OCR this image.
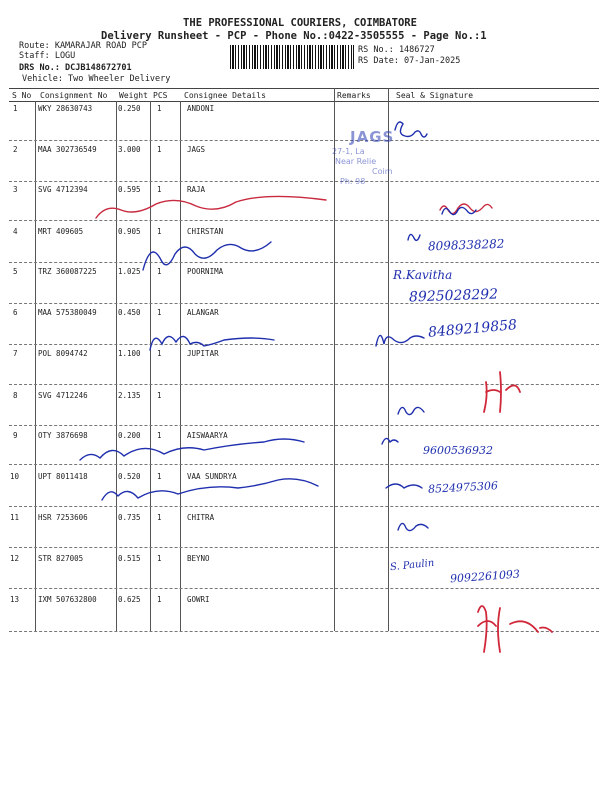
THE PROFESSIONAL COURIERS, COIMBATORE
Delivery Runsheet - PCP - Phone No.:0422-3505555 - Page No.:1
Route: KAMARAJAR ROAD PCP
Staff: LOGU
DRS No.: DCJB148672701
Vehicle: Two Wheeler Delivery
RS No.: 1486727
RS Date: 07-Jan-2025
S No Consignment No Weight PCS Consignee Details	Remarks	Seal & Signature
1	WKY 28630743	0.250 1	ANDONI
2	MAA 302736549	3.000 1	JAGS
3	SVG 4712394	0.595 1	RAJA
4	MRT 409605	0.905 1	CHIRSTAN
5	TRZ 360087225	1.025 1	POORNIMA
6	MAA 575380049	0.450 1	ALANGAR
7	POL 8094742	1.100 1	JUPITAR
8	SVG 4712246	2.135 1
9	OTY 3876698	0.200 1	AISWAARYA
10	UPT 8011418	0.520 1	VAA SUNDRYA
11	HSR 7253606	0.735 1	CHITRA
12	STR 827005	0.515 1	BEYNO
13	IXM 507632800	0.625 1	GOWRI
JAGS
27-1, La
Near Relie
Coim
Ph: 98
8098338282
R.Kavitha
8925028292
8489219858
9600536932
8524975306
S. Paulin
9092261093
